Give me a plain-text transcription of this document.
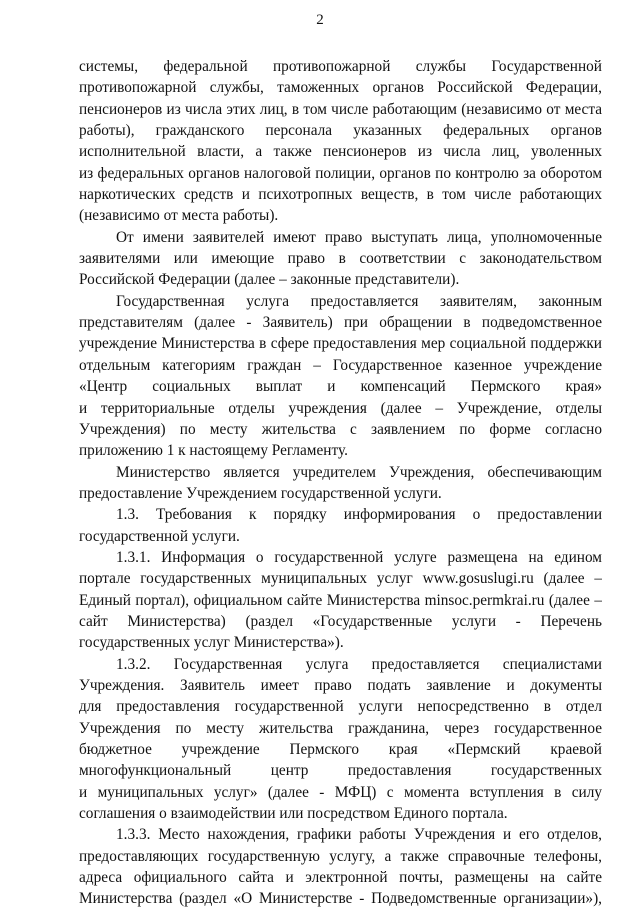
2
системы, федеральной противопожарной службы Государственной
противопожарной службы, таможенных органов Российской Федерации,
пенсионеров из числа этих лиц, в том числе работающим (независимо от места
работы), гражданского персонала указанных федеральных органов
исполнительной власти, а также пенсионеров из числа лиц, уволенных
из федеральных органов налоговой полиции, органов по контролю за оборотом
наркотических средств и психотропных веществ, в том числе работающих
(независимо от места работы).
От имени заявителей имеют право выступать лица, уполномоченные
заявителями или имеющие право в соответствии с законодательством
Российской Федерации (далее – законные представители).
Государственная услуга предоставляется заявителям, законным
представителям (далее - Заявитель) при обращении в подведомственное
учреждение Министерства в сфере предоставления мер социальной поддержки
отдельным категориям граждан – Государственное казенное учреждение
«Центр социальных выплат и компенсаций Пермского края»
и территориальные отделы учреждения (далее – Учреждение, отделы
Учреждения) по месту жительства с заявлением по форме согласно
приложению 1 к настоящему Регламенту.
Министерство является учредителем Учреждения, обеспечивающим
предоставление Учреждением государственной услуги.
1.3. Требования к порядку информирования о предоставлении
государственной услуги.
1.3.1. Информация о государственной услуге размещена на едином
портале государственных муниципальных услуг www.gosuslugi.ru (далее –
Единый портал), официальном сайте Министерства minsoc.permkrai.ru (далее –
сайт Министерства) (раздел «Государственные услуги - Перечень
государственных услуг Министерства»).
1.3.2. Государственная услуга предоставляется специалистами
Учреждения. Заявитель имеет право подать заявление и документы
для предоставления государственной услуги непосредственно в отдел
Учреждения по месту жительства гражданина, через государственное
бюджетное учреждение Пермского края «Пермский краевой
многофункциональный центр предоставления государственных
и муниципальных услуг» (далее - МФЦ) с момента вступления в силу
соглашения о взаимодействии или посредством Единого портала.
1.3.3. Место нахождения, графики работы Учреждения и его отделов,
предоставляющих государственную услугу, а также справочные телефоны,
адреса официального сайта и электронной почты, размещены на сайте
Министерства (раздел «О Министерстве - Подведомственные организации»),
